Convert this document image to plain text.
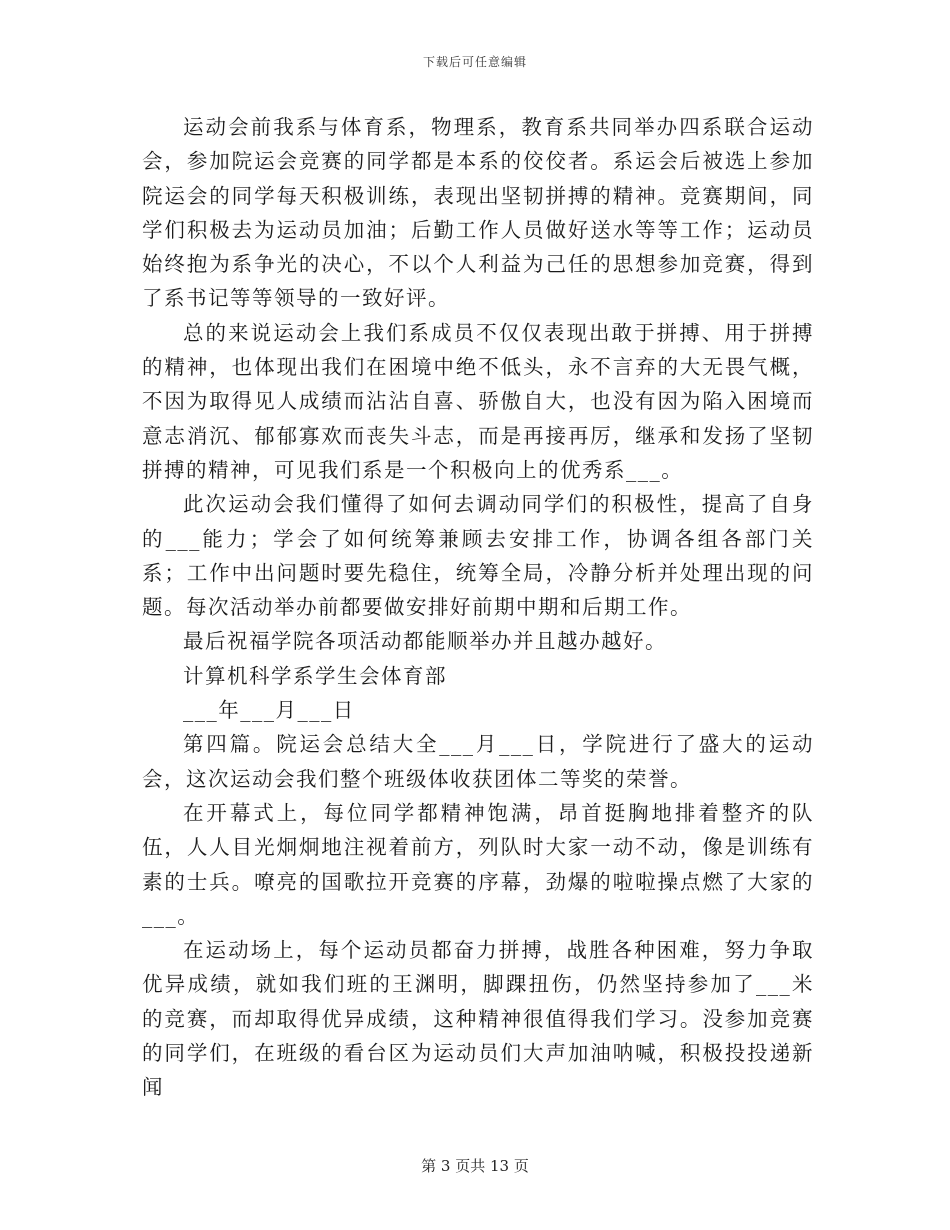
下载后可任意编辑

运动会前我系与体育系，物理系，教育系共同举办四系联合运动会，参加院运会竞赛的同学都是本系的佼佼者。系运会后被选上参加院运会的同学每天积极训练，表现出坚韧拼搏的精神。竞赛期间，同学们积极去为运动员加油；后勤工作人员做好送水等等工作；运动员始终抱为系争光的决心，不以个人利益为己任的思想参加竞赛，得到了系书记等等领导的一致好评。

总的来说运动会上我们系成员不仅仅表现出敢于拼搏、用于拼搏的精神，也体现出我们在困境中绝不低头，永不言弃的大无畏气概，不因为取得见人成绩而沾沾自喜、骄傲自大，也没有因为陷入困境而意志消沉、郁郁寡欢而丧失斗志，而是再接再厉，继承和发扬了坚韧拼搏的精神，可见我们系是一个积极向上的优秀系___。

此次运动会我们懂得了如何去调动同学们的积极性，提高了自身的___能力；学会了如何统筹兼顾去安排工作，协调各组各部门关系；工作中出问题时要先稳住，统筹全局，冷静分析并处理出现的问题。每次活动举办前都要做安排好前期中期和后期工作。

最后祝福学院各项活动都能顺举办并且越办越好。

计算机科学系学生会体育部

___年___月___日

第四篇。院运会总结大全___月___日，学院进行了盛大的运动会，这次运动会我们整个班级体收获团体二等奖的荣誉。

在开幕式上，每位同学都精神饱满，昂首挺胸地排着整齐的队伍，人人目光炯炯地注视着前方，列队时大家一动不动，像是训练有素的士兵。嘹亮的国歌拉开竞赛的序幕，劲爆的啦啦操点燃了大家的___。

在运动场上，每个运动员都奋力拼搏，战胜各种困难，努力争取优异成绩，就如我们班的王渊明，脚踝扭伤，仍然坚持参加了___米的竞赛，而却取得优异成绩，这种精神很值得我们学习。没参加竞赛的同学们，在班级的看台区为运动员们大声加油呐喊，积极投投递新闻

第 3 页共 13 页
